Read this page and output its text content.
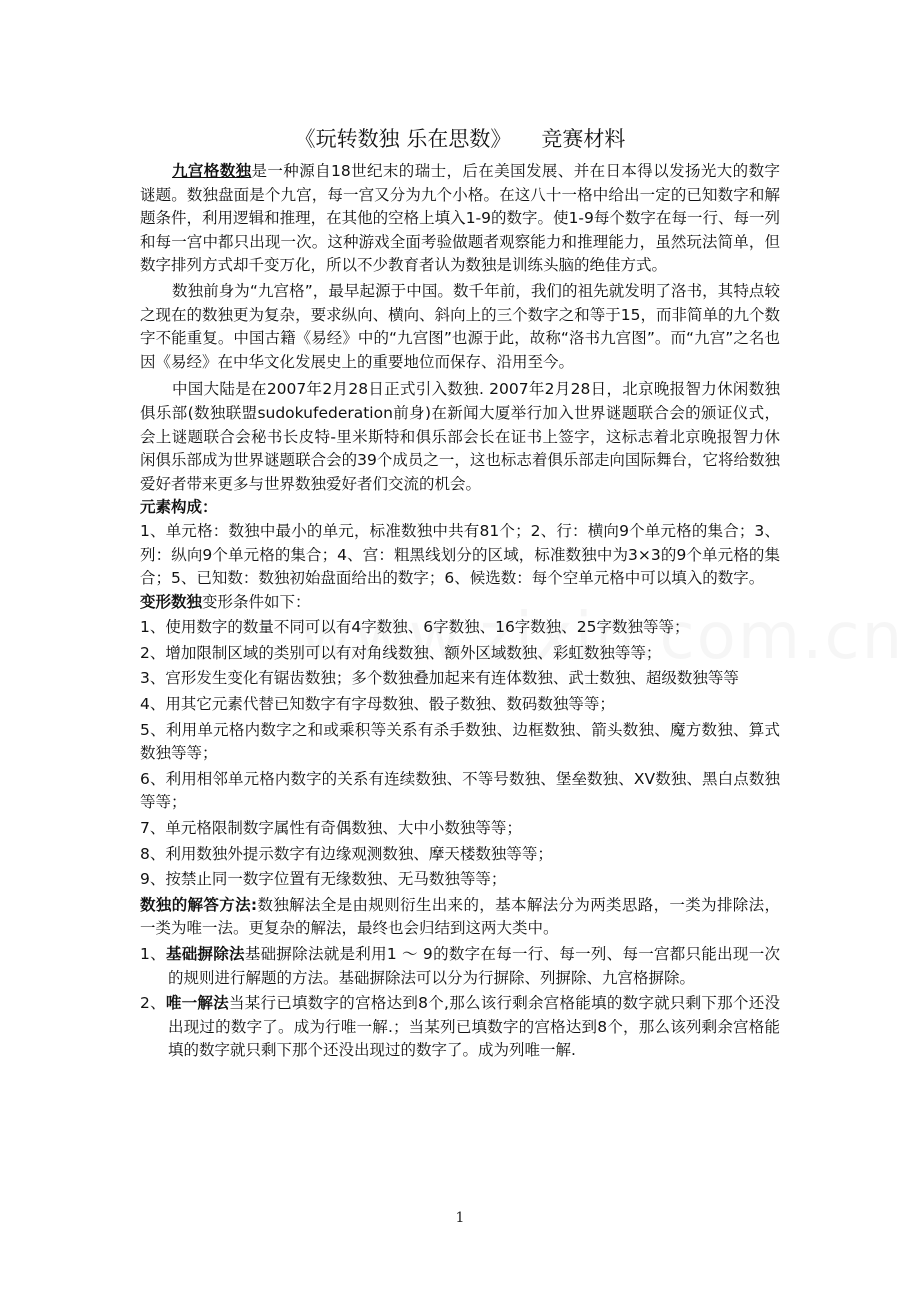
《玩转数独 乐在思数》 竞赛材料

九宫格数独是一种源自18世纪末的瑞士，后在美国发展、并在日本得以发扬光大的数字谜题。数独盘面是个九宫，每一宫又分为九个小格。在这八十一格中给出一定的已知数字和解题条件，利用逻辑和推理，在其他的空格上填入1-9的数字。使1-9每个数字在每一行、每一列和每一宫中都只出现一次。这种游戏全面考验做题者观察能力和推理能力，虽然玩法简单，但数字排列方式却千变万化，所以不少教育者认为数独是训练头脑的绝佳方式。

数独前身为“九宫格”，最早起源于中国。数千年前，我们的祖先就发明了洛书，其特点较之现在的数独更为复杂，要求纵向、横向、斜向上的三个数字之和等于15，而非简单的九个数字不能重复。中国古籍《易经》中的“九宫图”也源于此，故称“洛书九宫图”。而“九宫”之名也因《易经》在中华文化发展史上的重要地位而保存、沿用至今。

中国大陆是在2007年2月28日正式引入数独. 2007年2月28日，北京晚报智力休闲数独俱乐部(数独联盟sudokufederation前身)在新闻大厦举行加入世界谜题联合会的颁证仪式，会上谜题联合会秘书长皮特-里米斯特和俱乐部会长在证书上签字，这标志着北京晚报智力休闲俱乐部成为世界谜题联合会的39个成员之一，这也标志着俱乐部走向国际舞台，它将给数独爱好者带来更多与世界数独爱好者们交流的机会。

元素构成：

1、单元格：数独中最小的单元，标准数独中共有81个；2、行：横向9个单元格的集合；3、列：纵向9个单元格的集合；4、宫：粗黑线划分的区域，标准数独中为3×3的9个单元格的集合；5、已知数：数独初始盘面给出的数字；6、候选数：每个空单元格中可以填入的数字。

变形数独变形条件如下：

1、使用数字的数量不同可以有4字数独、6字数独、16字数独、25字数独等等；

2、增加限制区域的类别可以有对角线数独、额外区域数独、彩虹数独等等；

3、宫形发生变化有锯齿数独；多个数独叠加起来有连体数独、武士数独、超级数独等等

4、用其它元素代替已知数字有字母数独、骰子数独、数码数独等等；

5、利用单元格内数字之和或乘积等关系有杀手数独、边框数独、箭头数独、魔方数独、算式数独等等；

6、利用相邻单元格内数字的关系有连续数独、不等号数独、堡垒数独、XV数独、黑白点数独等等；

7、单元格限制数字属性有奇偶数独、大中小数独等等；

8、利用数独外提示数字有边缘观测数独、摩天楼数独等等；

9、按禁止同一数字位置有无缘数独、无马数独等等；

数独的解答方法:数独解法全是由规则衍生出来的，基本解法分为两类思路，一类为排除法，一类为唯一法。更复杂的解法，最终也会归结到这两大类中。

1、基础摒除法基础摒除法就是利用1 ～ 9的数字在每一行、每一列、每一宫都只能出现一次的规则进行解题的方法。基础摒除法可以分为行摒除、列摒除、九宫格摒除。

2、唯一解法当某行已填数字的宫格达到8个,那么该行剩余宫格能填的数字就只剩下那个还没出现过的数字了。成为行唯一解.；当某列已填数字的宫格达到8个，那么该列剩余宫格能填的数字就只剩下那个还没出现过的数字了。成为列唯一解.

1
